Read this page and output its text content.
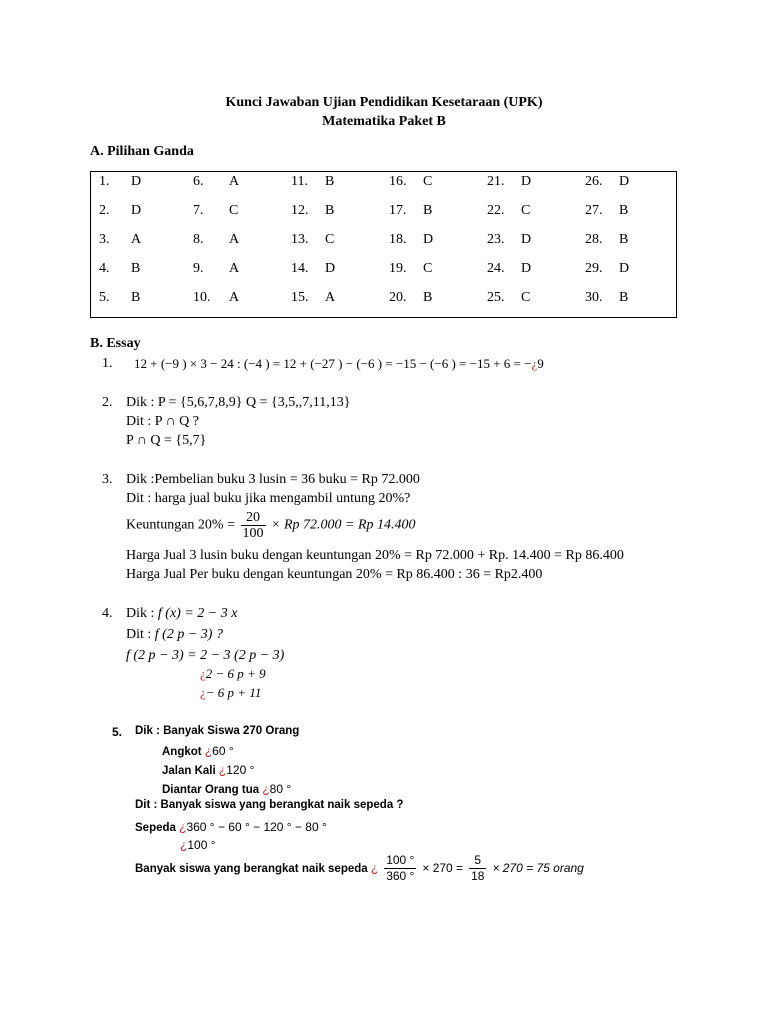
Kunci Jawaban Ujian Pendidikan Kesetaraan (UPK)
Matematika Paket B
A. Pilihan Ganda
1. D
2. D
3. A
4. B
5. B
6. A
7. C
8. A
9. A
10. A
11. B
12. B
13. C
14. D
15. A
16. C
17. B
18. D
19. C
20. B
21. D
22. C
23. D
24. D
25. C
26. D
27. B
28. B
29. D
30. B
B. Essay
1. 12 + (−9 ) × 3 − 24 : (−4 ) = 12 + (−27 ) − (−6 ) = −15 − (−6 ) = −15 + 6 = −¿9
2. Dik : P = {5,6,7,8,9} Q = {3,5,,7,11,13}
Dit : P ∩ Q ?
P ∩ Q = {5,7}
3. Dik :Pembelian buku 3 lusin = 36 buku = Rp 72.000
Dit : harga jual buku jika mengambil untung 20%?
Keuntungan $20\% = \frac{20}{100} \times Rp$ 72.000 = Rp 14.400
Harga Jual 3 lusin buku dengan keuntungan 20% = Rp 72.000 + Rp. 14.400 = Rp 86.400
Harga Jual Per buku dengan keuntungan 20% = Rp 86.400 : 36 = Rp2.400
4. Dik : f (x) = 2 − 3 x
Dit : f (2 p − 3) ?
f (2 p − 3) = 2 − 3 (2 p − 3)
¿2 − 6 p + 9
¿− 6 p + 11
5. Dik : Banyak Siswa 270 Orang
Angkot ¿60 °
Jalan Kali ¿120 °
Diantar Orang tua ¿80 °
Dit : Banyak siswa yang berangkat naik sepeda ?
Sepeda ¿360 ° − 60 ° − 120 ° − 80 °
¿100 °
Banyak siswa yang berangkat naik sepeda ¿ $\frac{100 ^\circ}{360 ^\circ} \times 270 = \frac{5}{18} \times 270 = 75$ orang
